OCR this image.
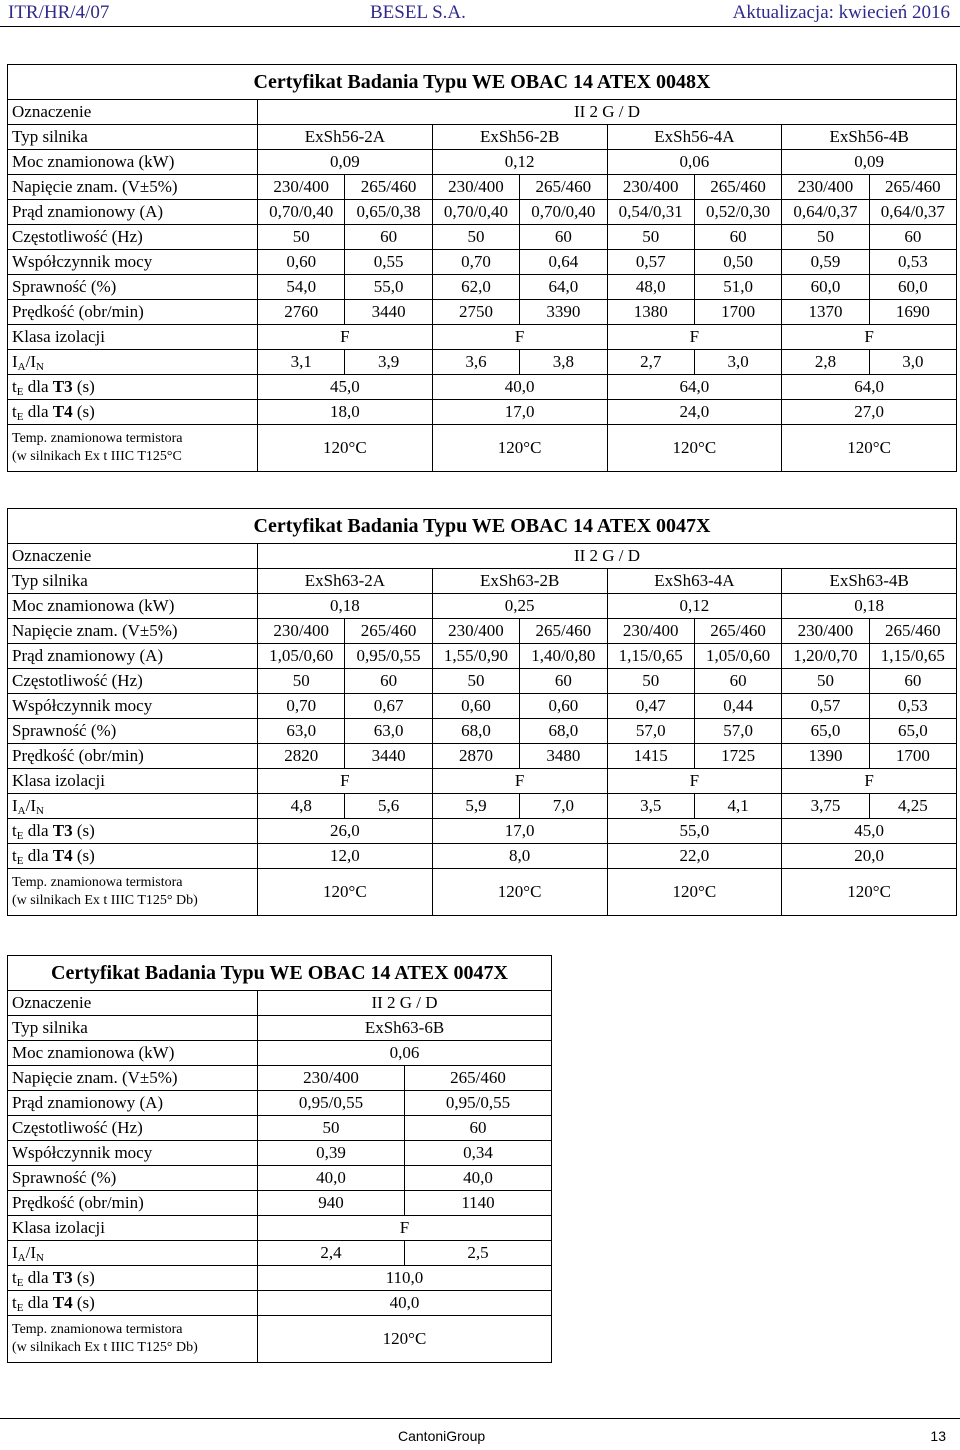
ITR/HR/4/07	BESEL S.A.	Aktualizacja: kwiecień 2016

Certyfikat Badania Typu WE OBAC 14 ATEX 0048X								
Oznaczenie	II 2 G / D							
Typ silnika	ExSh56-2A		ExSh56-2B		ExSh56-4A		ExSh56-4B	
Moc znamionowa (kW)	0,09		0,12		0,06		0,09	
Napięcie znam. (V±5%)	230/400	265/460	230/400	265/460	230/400	265/460	230/400	265/460
Prąd znamionowy (A)	0,70/0,40	0,65/0,38	0,70/0,40	0,70/0,40	0,54/0,31	0,52/0,30	0,64/0,37	0,64/0,37
Częstotliwość (Hz)	50	60	50	60	50	60	50	60
Współczynnik mocy	0,60	0,55	0,70	0,64	0,57	0,50	0,59	0,53
Sprawność (%)	54,0	55,0	62,0	64,0	48,0	51,0	60,0	60,0
Prędkość (obr/min)	2760	3440	2750	3390	1380	1700	1370	1690
Klasa izolacji	F		F		F		F	
$I_A/I_N$	3,1	3,9	3,6	3,8	2,7	3,0	2,8	3,0
$t_E$ dla T3 (s)	45,0		40,0		64,0		64,0	
$t_E$ dla T4 (s)	18,0		17,0		24,0		27,0	
Temp. znamionowa termistora
(w silnikach Ex t IIIC T125°C	120°C		120°C		120°C		120°C	

Certyfikat Badania Typu WE OBAC 14 ATEX 0047X								
Oznaczenie	II 2 G / D							
Typ silnika	ExSh63-2A		ExSh63-2B		ExSh63-4A		ExSh63-4B	
Moc znamionowa (kW)	0,18		0,25		0,12		0,18	
Napięcie znam. (V±5%)	230/400	265/460	230/400	265/460	230/400	265/460	230/400	265/460
Prąd znamionowy (A)	1,05/0,60	0,95/0,55	1,55/0,90	1,40/0,80	1,15/0,65	1,05/0,60	1,20/0,70	1,15/0,65
Częstotliwość (Hz)	50	60	50	60	50	60	50	60
Współczynnik mocy	0,70	0,67	0,60	0,60	0,47	0,44	0,57	0,53
Sprawność (%)	63,0	63,0	68,0	68,0	57,0	57,0	65,0	65,0
Prędkość (obr/min)	2820	3440	2870	3480	1415	1725	1390	1700
Klasa izolacji	F		F		F		F	
$I_A/I_N$	4,8	5,6	5,9	7,0	3,5	4,1	3,75	4,25
$t_E$ dla T3 (s)	26,0		17,0		55,0		45,0	
$t_E$ dla T4 (s)	12,0		8,0		22,0		20,0	
Temp. znamionowa termistora
(w silnikach Ex t IIIC T125° Db)	120°C		120°C		120°C		120°C	

Certyfikat Badania Typu WE OBAC 14 ATEX 0047X		
Oznaczenie	II 2 G / D	
Typ silnika	ExSh63-6B	
Moc znamionowa (kW)	0,06	
Napięcie znam. (V±5%)	230/400	265/460
Prąd znamionowy (A)	0,95/0,55	0,95/0,55
Częstotliwość (Hz)	50	60
Współczynnik mocy	0,39	0,34
Sprawność (%)	40,0	40,0
Prędkość (obr/min)	940	1140
Klasa izolacji	F	
$I_A/I_N$	2,4	2,5
$t_E$ dla T3 (s)	110,0	
$t_E$ dla T4 (s)	40,0	
Temp. znamionowa termistora
(w silnikach Ex t IIIC T125° Db)	120°C	
CantoniGroup	13
